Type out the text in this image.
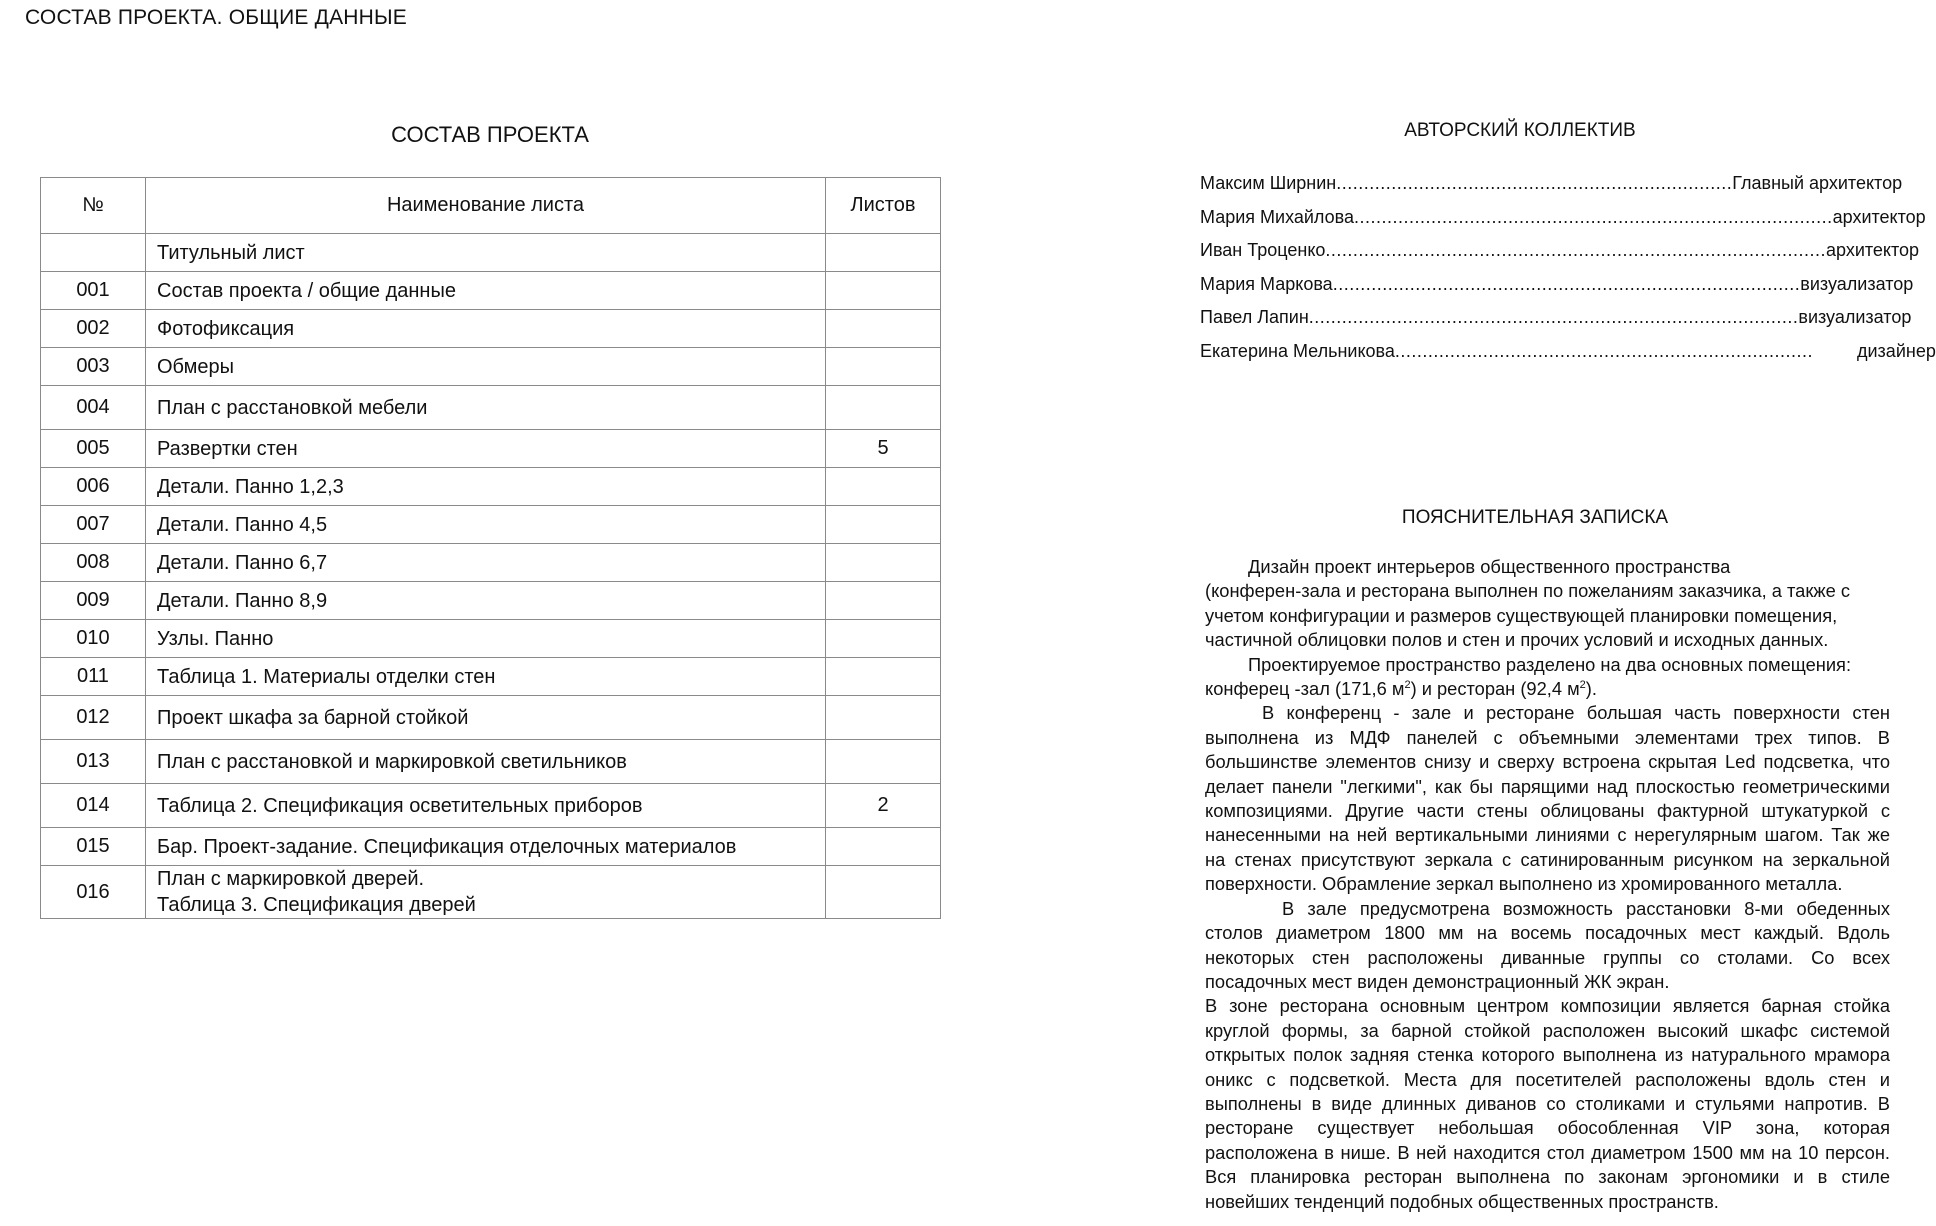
СОСТАВ ПРОЕКТА. ОБЩИЕ ДАННЫЕ
СОСТАВ ПРОЕКТА
№	Наименование листа	Листов
	Титульный лист	
001	Состав проекта / общие данные	
002	Фотофиксация	
003	Обмеры	
004	План с расстановкой мебели	
005	Развертки стен	5
006	Детали. Панно 1,2,3	
007	Детали. Панно 4,5	
008	Детали. Панно 6,7	
009	Детали. Панно 8,9	
010	Узлы. Панно	
011	Таблица 1. Материалы отделки стен	
012	Проект шкафа за барной стойкой	
013	План с расстановкой и маркировкой светильников	
014	Таблица 2. Спецификация осветительных приборов	2
015	Бар. Проект-задание. Спецификация отделочных материалов	
016	План с маркировкой дверей.
Таблица 3. Спецификация дверей	

АВТОРСКИЙ КОЛЛЕКТИВ
Максим Ширнин........................................................................Главный архитектор
Мария Михайлова.......................................................................................архитектор
Иван Троценко...........................................................................................архитектор
Мария Маркова.....................................................................................визуализатор
Павел Лапин.........................................................................................визуализатор
Екатерина Мельникова............................................................................        дизайнер
ПОЯСНИТЕЛЬНАЯ ЗАПИСКА

Дизайн проект интерьеров общественного пространства

(конферен-зала и ресторана выполнен по пожеланиям заказчика, а также с

учетом конфигурации и размеров существующей планировки помещения,

частичной облицовки полов и стен и прочих условий и исходных данных.

Проектируемое пространство разделено на два основных помещения:

конферец -зал (171,6 $м^2$) и ресторан (92,4 $м^2$).

В конференц - зале и ресторане большая часть поверхности стен выполнена из МДФ панелей с объемными элементами трех типов. В большинстве элементов снизу и сверху встроена скрытая Led подсветка, что делает панели "легкими", как бы парящими над плоскостью геометрическими композициями. Другие части стены облицованы фактурной штукатуркой с нанесенными на ней вертикальными линиями с нерегулярным шагом. Так же на стенах присутствуют зеркала с сатинированным рисунком на зеркальной поверхности. Обрамление зеркал выполнено из хромированного металла.

В зале предусмотрена возможность расстановки 8-ми обеденных столов диаметром 1800 мм на восемь посадочных мест каждый. Вдоль некоторых стен расположены диванные группы со столами. Со всех посадочных мест виден демонстрационный ЖК экран.

В зоне ресторана основным центром композиции является барная стойка круглой формы, за барной стойкой расположен высокий шкафс системой открытых полок задняя стенка которого выполнена из натурального мрамора оникс с подсветкой. Места для посетителей расположены вдоль стен и выполнены в виде длинных диванов со столиками и стульями напротив. В ресторане существует небольшая обособленная VIP зона, которая расположена в нише. В ней находится стол диаметром 1500 мм на 10 персон. Вся планировка ресторан выполнена по законам эргономики и в стиле новейших тенденций подобных общественных пространств.
